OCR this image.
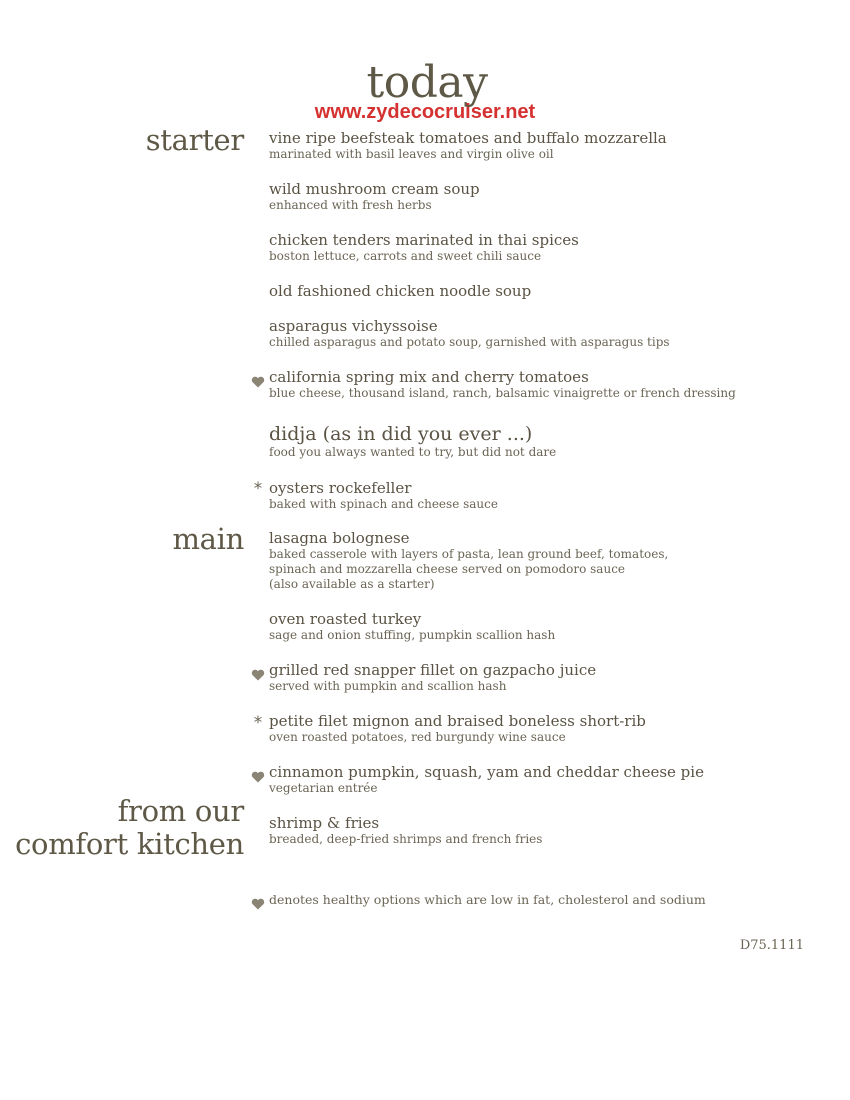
today
www.zydecocruiser.net
starter
main
from our
comfort kitchen
vine ripe beefsteak tomatoes and buffalo mozzarella
marinated with basil leaves and virgin olive oil
wild mushroom cream soup
enhanced with fresh herbs
chicken tenders marinated in thai spices
boston lettuce, carrots and sweet chili sauce
old fashioned chicken noodle soup
asparagus vichyssoise
chilled asparagus and potato soup, garnished with asparagus tips
california spring mix and cherry tomatoes
blue cheese, thousand island, ranch, balsamic vinaigrette or french dressing
didja (as in did you ever ...)
food you always wanted to try, but did not dare
* oysters rockefeller
baked with spinach and cheese sauce
lasagna bolognese
baked casserole with layers of pasta, lean ground beef, tomatoes,
spinach and mozzarella cheese served on pomodoro sauce
(also available as a starter)
oven roasted turkey
sage and onion stuffing, pumpkin scallion hash
grilled red snapper fillet on gazpacho juice
served with pumpkin and scallion hash
* petite filet mignon and braised boneless short-rib
oven roasted potatoes, red burgundy wine sauce
cinnamon pumpkin, squash, yam and cheddar cheese pie
vegetarian entrée
shrimp & fries
breaded, deep-fried shrimps and french fries
denotes healthy options which are low in fat, cholesterol and sodium
D75.1111
